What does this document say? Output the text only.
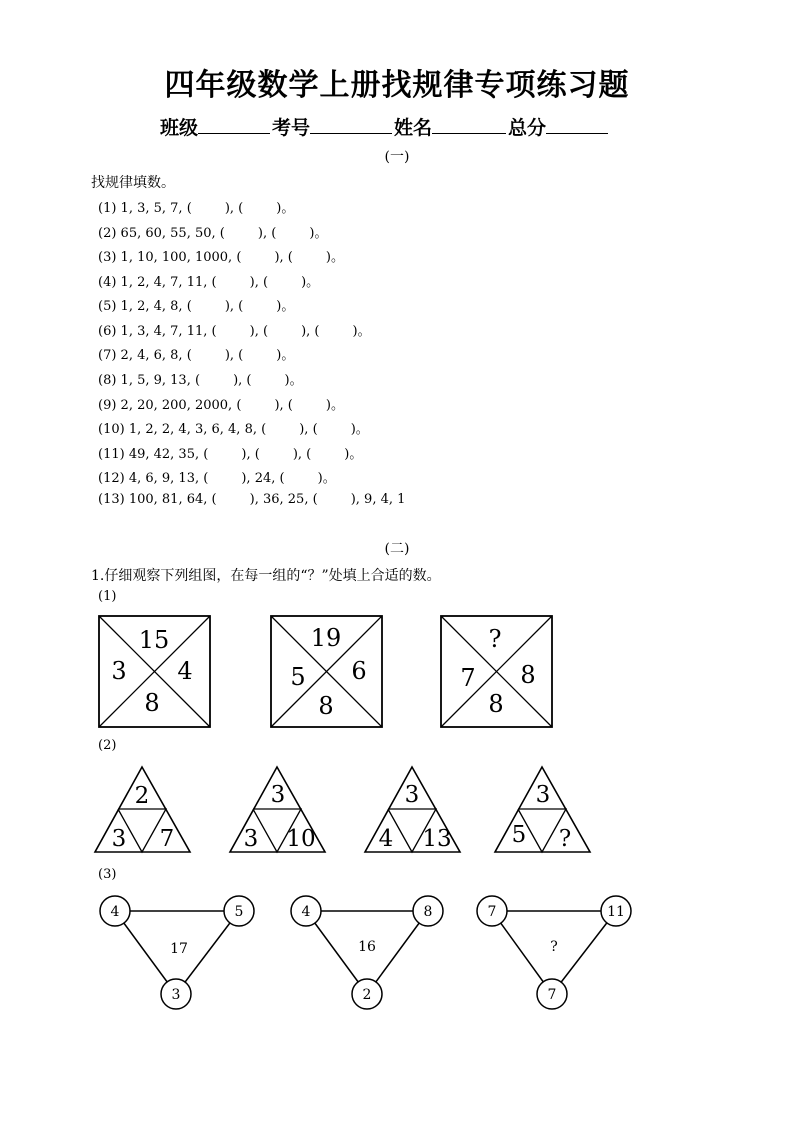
四年级数学上册找规律专项练习题
班级	考号	姓名	总分
(一)
找规律填数。
(1) 1, 3, 5, 7, (        ), (        )。
(2) 65, 60, 55, 50, (        ), (        )。
(3) 1, 10, 100, 1000, (        ), (        )。
(4) 1, 2, 4, 7, 11, (        ), (        )。
(5) 1, 2, 4, 8, (        ), (        )。
(6) 1, 3, 4, 7, 11, (        ), (        ), (        )。
(7) 2, 4, 6, 8, (        ), (        )。
(8) 1, 5, 9, 13, (        ), (        )。
(9) 2, 20, 200, 2000, (        ), (        )。
(10) 1, 2, 2, 4, 3, 6, 4, 8, (        ), (        )。
(11) 49, 42, 35, (        ), (        ), (        )。
(12) 4, 6, 9, 13, (        ), 24, (        )。
(13) 100, 81, 64, (        ), 36, 25, (        ), 9, 4, 1
(二)
1.仔细观察下列组图，在每一组的“？”处填上合适的数。
(1)
15
3 4
8
19
5 6
8
?
7 8
8
(2)
2
3 7
3
3 10
3
4 13
3
5 ?
(3)
4	5
3
17
4	8
2
16
7	11
7
?
